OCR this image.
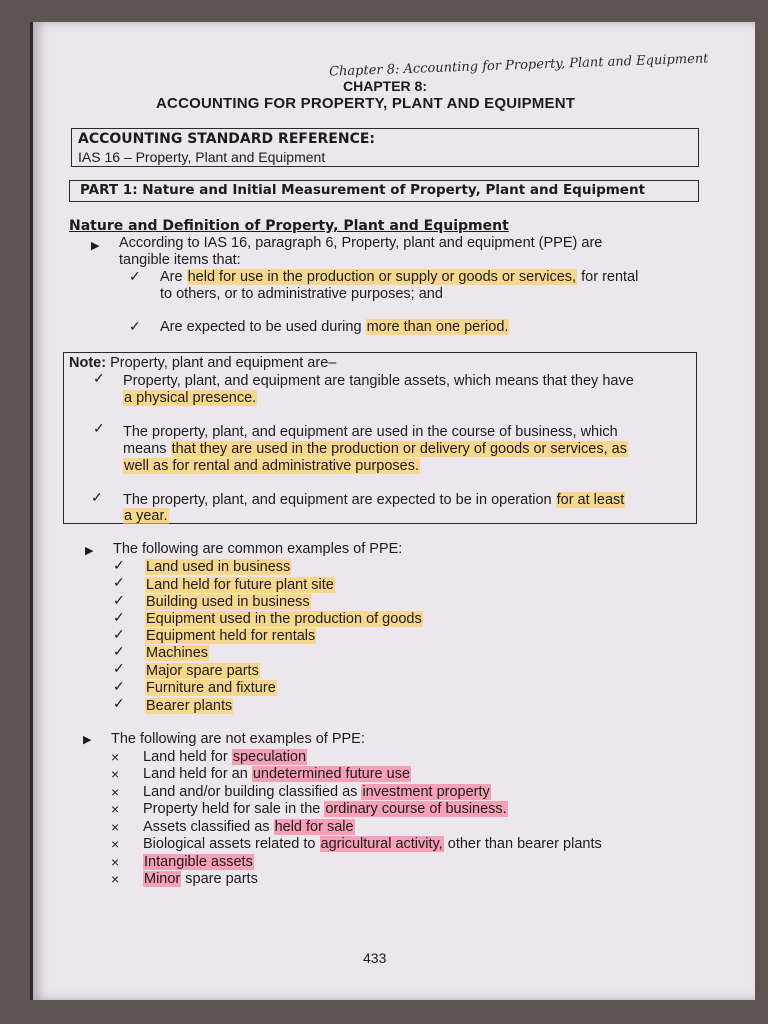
Chapter 8: Accounting for Property, Plant and Equipment
CHAPTER 8:
ACCOUNTING FOR PROPERTY, PLANT AND EQUIPMENT
ACCOUNTING STANDARD REFERENCE:
IAS 16 – Property, Plant and Equipment
PART 1: Nature and Initial Measurement of Property, Plant and Equipment
Nature and Definition of Property, Plant and Equipment
▶ According to IAS 16, paragraph 6, Property, plant and equipment (PPE) are
tangible items that:
✓ Are held for use in the production or supply or goods or services, for rental
to others, or to administrative purposes; and
✓ Are expected to be used during more than one period.
Note: Property, plant and equipment are–
✓ Property, plant, and equipment are tangible assets, which means that they have
a physical presence.
✓ The property, plant, and equipment are used in the course of business, which
means that they are used in the production or delivery of goods or services, as
well as for rental and administrative purposes.
✓ The property, plant, and equipment are expected to be in operation for at least
a year.
▶ The following are common examples of PPE:
✓ Land used in business
✓ Land held for future plant site
✓ Building used in business
✓ Equipment used in the production of goods
✓ Equipment held for rentals
✓ Machines
✓ Major spare parts
✓ Furniture and fixture
✓ Bearer plants
▶ The following are not examples of PPE:
× Land held for speculation
× Land held for an undetermined future use
× Land and/or building classified as investment property
× Property held for sale in the ordinary course of business.
× Assets classified as held for sale
× Biological assets related to agricultural activity, other than bearer plants
× Intangible assets
× Minor spare parts
433
